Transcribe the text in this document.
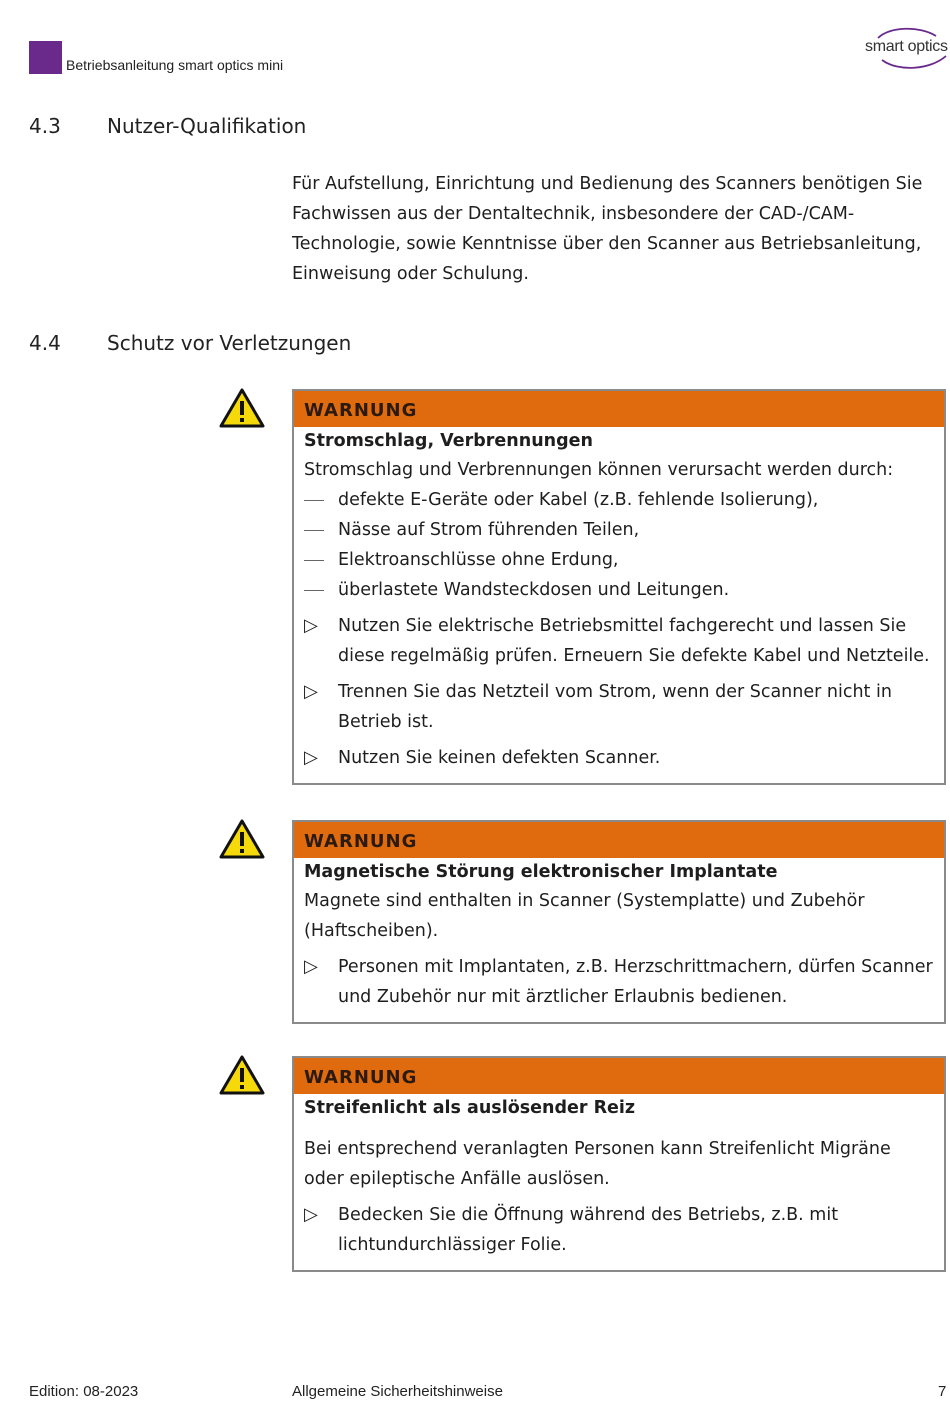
Betriebsanleitung smart optics mini
smart optics
4.3	Nutzer-Qualifikation
Für Aufstellung, Einrichtung und Bedienung des Scanners benötigen Sie Fachwissen aus der Dentaltechnik, insbesondere der CAD-/CAM-Technologie, sowie Kenntnisse über den Scanner aus Betriebsanleitung, Einweisung oder Schulung.
4.4	Schutz vor Verletzungen
WARNUNG
Stromschlag, Verbrennungen
Stromschlag und Verbrennungen können verursacht werden durch:
defekte E-Geräte oder Kabel (z.B. fehlende Isolierung),
Nässe auf Strom führenden Teilen,
Elektroanschlüsse ohne Erdung,
überlastete Wandsteckdosen und Leitungen.
▷	Nutzen Sie elektrische Betriebsmittel fachgerecht und lassen Sie diese regelmäßig prüfen. Erneuern Sie defekte Kabel und Netzteile.
▷	Trennen Sie das Netzteil vom Strom, wenn der Scanner nicht in Betrieb ist.
▷	Nutzen Sie keinen defekten Scanner.
WARNUNG
Magnetische Störung elektronischer Implantate
Magnete sind enthalten in Scanner (Systemplatte) und Zubehör (Haftscheiben).
▷	Personen mit Implantaten, z.B. Herzschrittmachern, dürfen Scanner und Zubehör nur mit ärztlicher Erlaubnis bedienen.
WARNUNG
Streifenlicht als auslösender Reiz
Bei entsprechend veranlagten Personen kann Streifenlicht Migräne oder epileptische Anfälle auslösen.
▷	Bedecken Sie die Öffnung während des Betriebs, z.B. mit lichtundurchlässiger Folie.
Edition: 08-2023	Allgemeine Sicherheitshinweise	7
